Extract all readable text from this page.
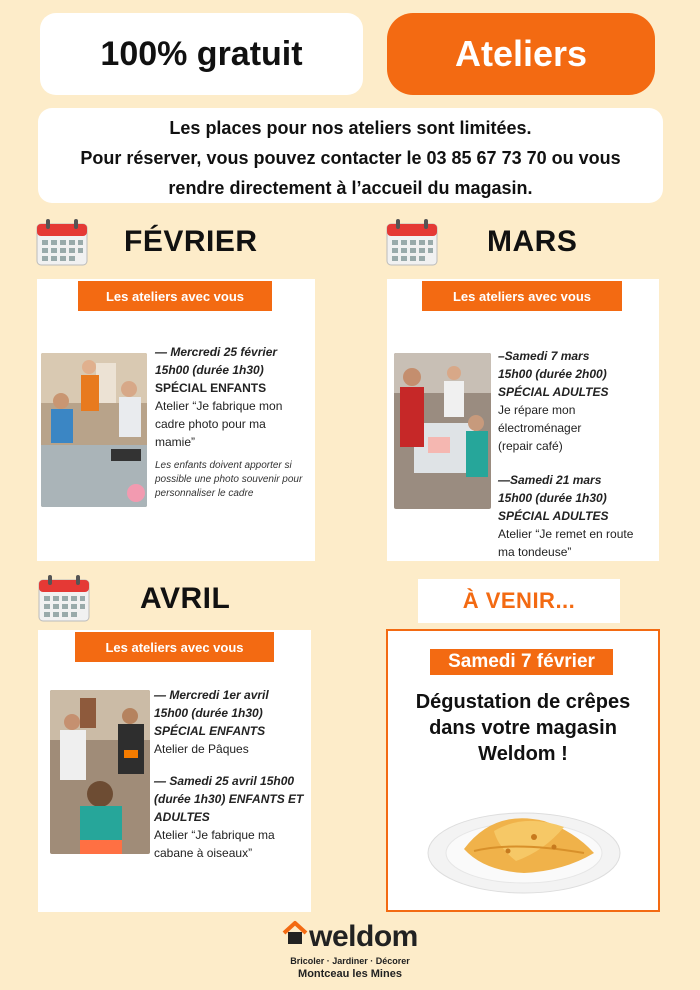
100% gratuit	Ateliers
Les places pour nos ateliers sont limitées.
Pour réserver, vous pouvez contacter le 03 85 67 73 70 ou vous
rendre directement à l’accueil du magasin.
FÉVRIER
Les ateliers avec vous
— Mercredi 25 février
15h00 (durée 1h30)
SPÉCIAL ENFANTS
Atelier “Je fabrique mon
cadre photo pour ma
mamie”
Les enfants doivent apporter si possible une photo souvenir pour personnaliser le cadre
MARS
Les ateliers avec vous
–Samedi 7 mars
15h00 (durée 2h00)
SPÉCIAL ADULTES
Je répare mon
électroménager
(repair café)
—Samedi 21 mars
15h00 (durée 1h30)
SPÉCIAL ADULTES
Atelier “Je remet en route
ma tondeuse”
AVRIL
Les ateliers avec vous
— Mercredi 1er avril
15h00 (durée 1h30)
SPÉCIAL ENFANTS
Atelier de Pâques
— Samedi 25 avril 15h00
(durée 1h30) ENFANTS ET
ADULTES
Atelier “Je fabrique ma
cabane à oiseaux”
À VENIR...
Samedi 7 février
Dégustation de crêpes
dans votre magasin
Weldom !
weldom
Bricoler · Jardiner · Décorer
Montceau les Mines
